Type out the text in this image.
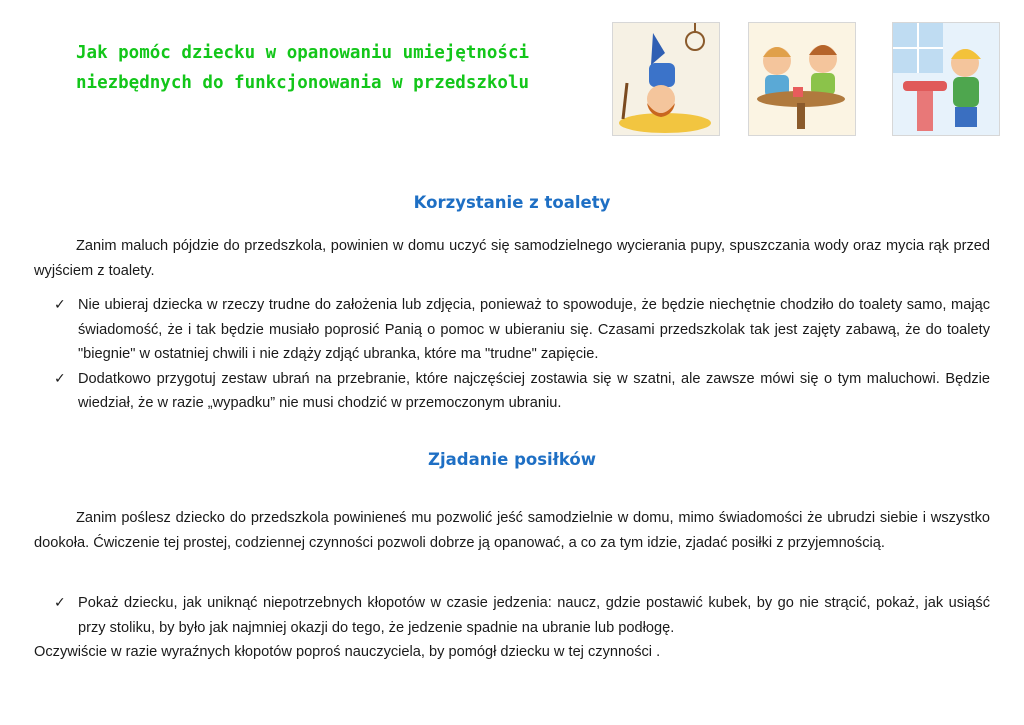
Jak pomóc dziecku w opanowaniu umiejętności niezbędnych do funkcjonowania w przedszkolu
Korzystanie z toalety

Zanim maluch pójdzie do przedszkola, powinien w domu uczyć się samodzielnego wycierania pupy, spuszczania wody oraz mycia rąk przed wyjściem z toalety.

✓ Nie ubieraj dziecka w rzeczy trudne do założenia lub zdjęcia, ponieważ to spowoduje, że będzie niechętnie chodziło do toalety samo, mając świadomość, że i tak będzie musiało poprosić Panią o pomoc w ubieraniu się. Czasami przedszkolak tak jest zajęty zabawą, że do toalety "biegnie" w ostatniej chwili i nie zdąży zdjąć ubranka, które ma "trudne" zapięcie.
✓ Dodatkowo przygotuj zestaw ubrań na przebranie, które najczęściej zostawia się w szatni, ale zawsze mówi się o tym maluchowi. Będzie wiedział, że w razie „wypadku” nie musi chodzić w przemoczonym ubraniu.
Zjadanie posiłków

Zanim poślesz dziecko do przedszkola powinieneś mu pozwolić jeść samodzielnie w domu, mimo świadomości że ubrudzi siebie i wszystko dookoła. Ćwiczenie tej prostej, codziennej czynności pozwoli dobrze ją opanować, a co za tym idzie, zjadać posiłki z przyjemnością.

✓ Pokaż dziecku, jak uniknąć niepotrzebnych kłopotów w czasie jedzenia: naucz, gdzie postawić kubek, by go nie strącić, pokaż, jak usiąść przy stoliku, by było jak najmniej okazji do tego, że jedzenie spadnie na ubranie lub podłogę.

Oczywiście w razie wyraźnych kłopotów poproś nauczyciela, by pomógł dziecku w tej czynności .
